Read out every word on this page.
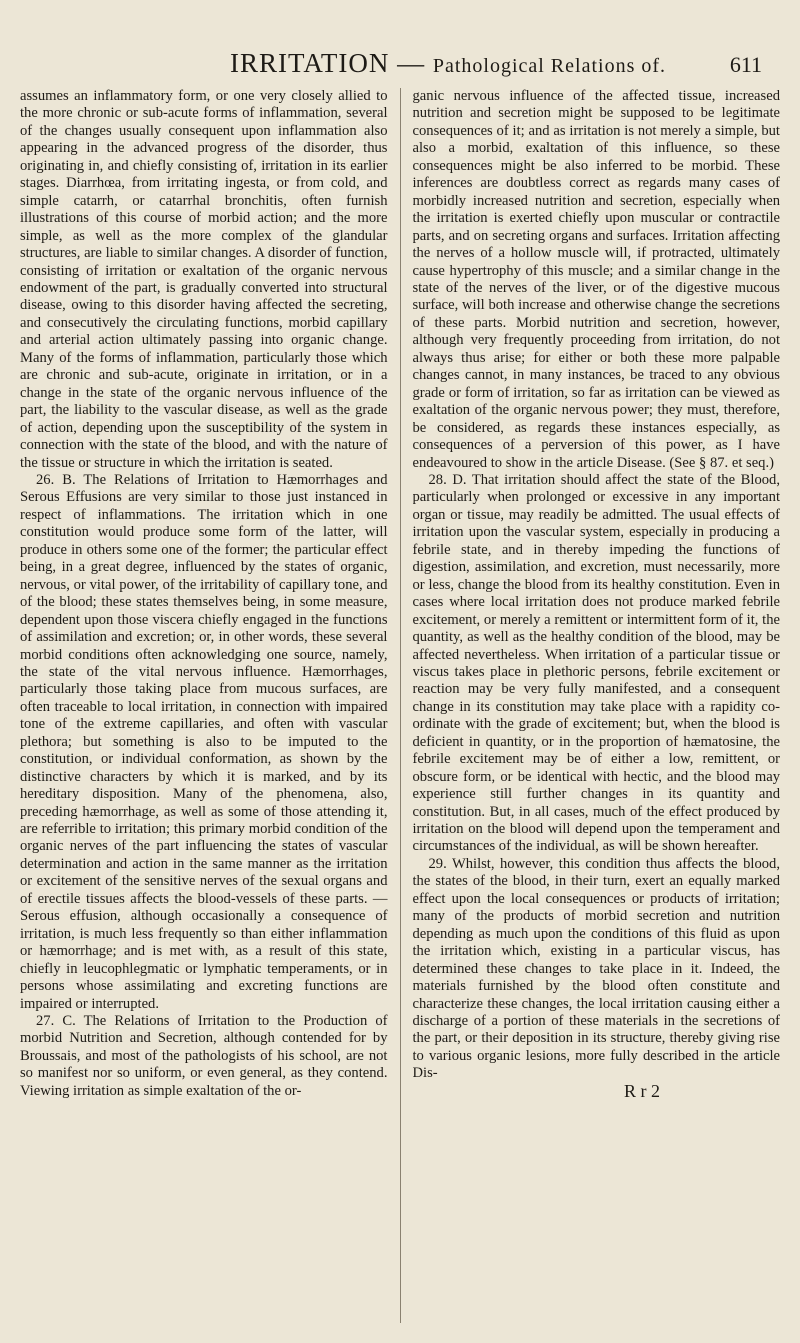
IRRITATION — Pathological Relations of.	611

assumes an inflammatory form, or one very closely allied to the more chronic or sub-acute forms of inflammation, several of the changes usually consequent upon inflammation also appearing in the advanced progress of the disorder, thus originating in, and chiefly consisting of, irritation in its earlier stages. Diarrhœa, from irritating ingesta, or from cold, and simple catarrh, or catarrhal bronchitis, often furnish illustrations of this course of morbid action; and the more simple, as well as the more complex of the glandular structures, are liable to similar changes. A disorder of function, consisting of irritation or exaltation of the organic nervous endowment of the part, is gradually converted into structural disease, owing to this disorder having affected the secreting, and consecutively the circulating functions, morbid capillary and arterial action ultimately passing into organic change. Many of the forms of inflammation, particularly those which are chronic and sub-acute, originate in irritation, or in a change in the state of the organic nervous influence of the part, the liability to the vascular disease, as well as the grade of action, depending upon the susceptibility of the system in connection with the state of the blood, and with the nature of the tissue or structure in which the irritation is seated.

26. B. The Relations of Irritation to Hæmorrhages and Serous Effusions are very similar to those just instanced in respect of inflammations. The irritation which in one constitution would produce some form of the latter, will produce in others some one of the former; the particular effect being, in a great degree, influenced by the states of organic, nervous, or vital power, of the irritability of capillary tone, and of the blood; these states themselves being, in some measure, dependent upon those viscera chiefly engaged in the functions of assimilation and excretion; or, in other words, these several morbid conditions often acknowledging one source, namely, the state of the vital nervous influence. Hæmorrhages, particularly those taking place from mucous surfaces, are often traceable to local irritation, in connection with impaired tone of the extreme capillaries, and often with vascular plethora; but something is also to be imputed to the constitution, or individual conformation, as shown by the distinctive characters by which it is marked, and by its hereditary disposition. Many of the phenomena, also, preceding hæmorrhage, as well as some of those attending it, are referrible to irritation; this primary morbid condition of the organic nerves of the part influencing the states of vascular determination and action in the same manner as the irritation or excitement of the sensitive nerves of the sexual organs and of erectile tissues affects the blood-vessels of these parts. — Serous effusion, although occasionally a consequence of irritation, is much less frequently so than either inflammation or hæmorrhage; and is met with, as a result of this state, chiefly in leucophlegmatic or lymphatic temperaments, or in persons whose assimilating and excreting functions are impaired or interrupted.

27. C. The Relations of Irritation to the Production of morbid Nutrition and Secretion, although contended for by Broussais, and most of the pathologists of his school, are not so manifest nor so uniform, or even general, as they contend. Viewing irritation as simple exaltation of the or-

ganic nervous influence of the affected tissue, increased nutrition and secretion might be supposed to be legitimate consequences of it; and as irritation is not merely a simple, but also a morbid, exaltation of this influence, so these consequences might be also inferred to be morbid. These inferences are doubtless correct as regards many cases of morbidly increased nutrition and secretion, especially when the irritation is exerted chiefly upon muscular or contractile parts, and on secreting organs and surfaces. Irritation affecting the nerves of a hollow muscle will, if protracted, ultimately cause hypertrophy of this muscle; and a similar change in the state of the nerves of the liver, or of the digestive mucous surface, will both increase and otherwise change the secretions of these parts. Morbid nutrition and secretion, however, although very frequently proceeding from irritation, do not always thus arise; for either or both these more palpable changes cannot, in many instances, be traced to any obvious grade or form of irritation, so far as irritation can be viewed as exaltation of the organic nervous power; they must, therefore, be considered, as regards these instances especially, as consequences of a perversion of this power, as I have endeavoured to show in the article Disease. (See § 87. et seq.)

28. D. That irritation should affect the state of the Blood, particularly when prolonged or excessive in any important organ or tissue, may readily be admitted. The usual effects of irritation upon the vascular system, especially in producing a febrile state, and in thereby impeding the functions of digestion, assimilation, and excretion, must necessarily, more or less, change the blood from its healthy constitution. Even in cases where local irritation does not produce marked febrile excitement, or merely a remittent or intermittent form of it, the quantity, as well as the healthy condition of the blood, may be affected nevertheless. When irritation of a particular tissue or viscus takes place in plethoric persons, febrile excitement or reaction may be very fully manifested, and a consequent change in its constitution may take place with a rapidity co-ordinate with the grade of excitement; but, when the blood is deficient in quantity, or in the proportion of hæmatosine, the febrile excitement may be of either a low, remittent, or obscure form, or be identical with hectic, and the blood may experience still further changes in its quantity and constitution. But, in all cases, much of the effect produced by irritation on the blood will depend upon the temperament and circumstances of the individual, as will be shown hereafter.

29. Whilst, however, this condition thus affects the blood, the states of the blood, in their turn, exert an equally marked effect upon the local consequences or products of irritation; many of the products of morbid secretion and nutrition depending as much upon the conditions of this fluid as upon the irritation which, existing in a particular viscus, has determined these changes to take place in it. Indeed, the materials furnished by the blood often constitute and characterize these changes, the local irritation causing either a discharge of a portion of these materials in the secretions of the part, or their deposition in its structure, thereby giving rise to various organic lesions, more fully described in the article Dis-

R r 2
